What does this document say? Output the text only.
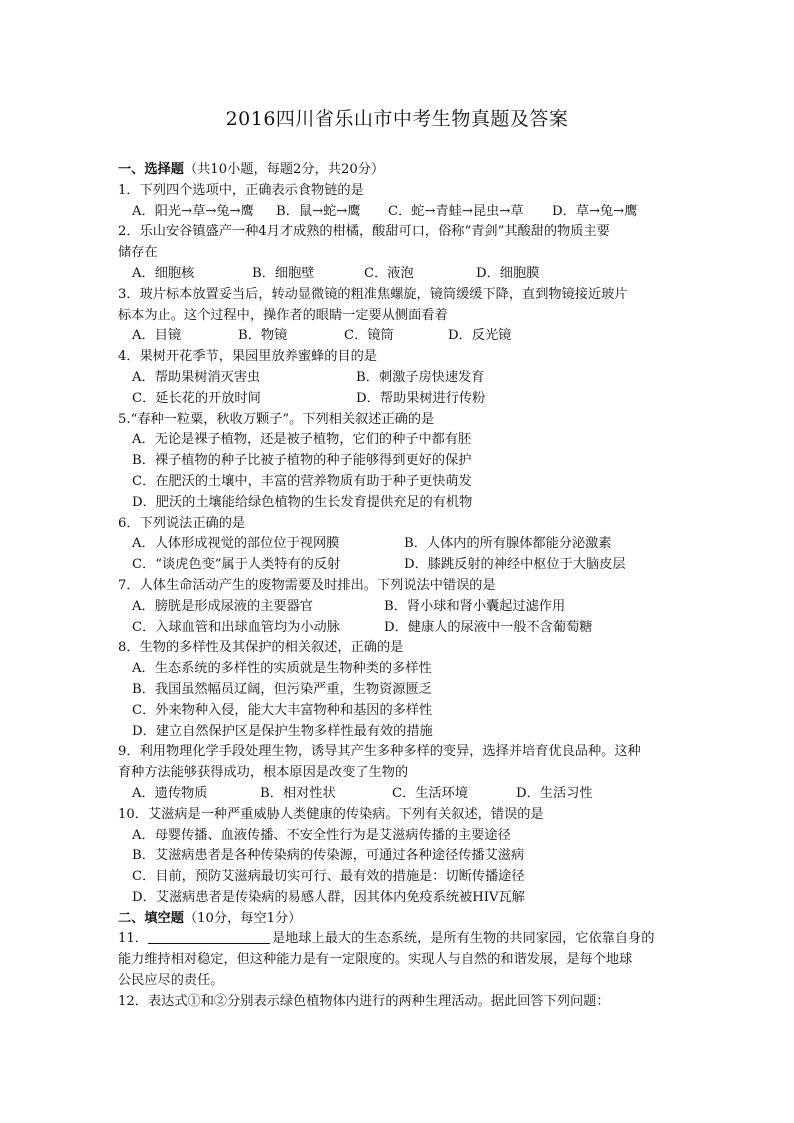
2016四川省乐山市中考生物真题及答案
一、选择题（共10小题，每题2分，共20分）
1．下列四个选项中，正确表示食物链的是
A．阳光→草→兔→鹰	B．鼠→蛇→鹰	C．蛇→青蛙→昆虫→草	D．草→兔→鹰
2．乐山安谷镇盛产一种4月才成熟的柑橘，酸甜可口，俗称“青剑”其酸甜的物质主要
储存在
A．细胞核	B．细胞壁	C．液泡	D．细胞膜
3．玻片标本放置妥当后，转动显微镜的粗准焦螺旋，镜筒缓缓下降，直到物镜接近玻片
标本为止。这个过程中，操作者的眼睛一定要从侧面看着
A．目镜	B．物镜	C．镜筒	D．反光镜
4．果树开花季节，果园里放养蜜蜂的目的是
A．帮助果树消灭害虫	B．刺激子房快速发育
C．延长花的开放时间	D．帮助果树进行传粉
5.“春种一粒粟，秋收万颗子”。下列相关叙述正确的是
A．无论是裸子植物，还是被子植物，它们的种子中都有胚
B．裸子植物的种子比被子植物的种子能够得到更好的保护
C．在肥沃的土壤中，丰富的营养物质有助于种子更快萌发
D．肥沃的土壤能给绿色植物的生长发育提供充足的有机物
6．下列说法正确的是
A．人体形成视觉的部位位于视网膜	B．人体内的所有腺体都能分泌激素
C．“谈虎色变”属于人类特有的反射	D．膝跳反射的神经中枢位于大脑皮层
7．人体生命活动产生的废物需要及时排出。下列说法中错误的是
A．膀胱是形成尿液的主要器官	B．肾小球和肾小囊起过滤作用
C．入球血管和出球血管均为小动脉	D．健康人的尿液中一般不含葡萄糖
8．生物的多样性及其保护的相关叙述，正确的是
A．生态系统的多样性的实质就是生物种类的多样性
B．我国虽然幅员辽阔，但污染严重，生物资源匮乏
C．外来物种入侵，能大大丰富物种和基因的多样性
D．建立自然保护区是保护生物多样性最有效的措施
9．利用物理化学手段处理生物，诱导其产生多种多样的变异，选择并培育优良品种。这种
育种方法能够获得成功，根本原因是改变了生物的
A．遗传物质	B．相对性状	C．生活环境	D．生活习性
10．艾滋病是一种严重威胁人类健康的传染病。下列有关叙述，错误的是
A．母婴传播、血液传播、不安全性行为是艾滋病传播的主要途径
B．艾滋病患者是各种传染病的传染源，可通过各种途径传播艾滋病
C．目前，预防艾滋病最切实可行、最有效的措施是：切断传播途径
D．艾滋病患者是传染病的易感人群，因其体内免疫系统被HIV瓦解
二、填空题（10分，每空1分）
11．	是地球上最大的生态系统，是所有生物的共同家园，它依靠自身的
能力维持相对稳定，但这种能力是有一定限度的。实现人与自然的和谐发展，是每个地球
公民应尽的责任。
12．表达式①和②分别表示绿色植物体内进行的两种生理活动。据此回答下列问题：
